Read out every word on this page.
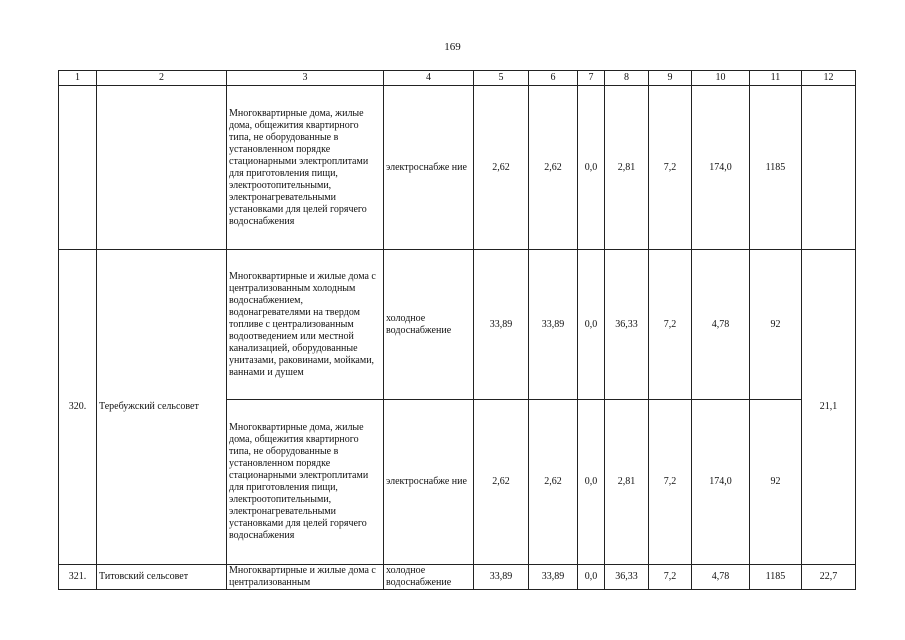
169
1	2	3	4	5	6	7	8	9	10	11	12
		Многоквартирные дома, жилые дома, общежития квартирного типа, не оборудованные в установленном порядке стационарными электроплитами для приготовления пищи, электроотопительными, электронагревательными установками для целей горячего водоснабжения	электроснабже ние	2,62	2,62	0,0	2,81	7,2	174,0	1185	
320.	Теребужский сельсовет	Многоквартирные и жилые дома с централизованным холодным водоснабжением, водонагревателями на твердом топливе с централизованным водоотведением или местной канализацией, оборудованные унитазами, раковинами, мойками, ваннами и душем	холодное водоснабжение	33,89	33,89	0,0	36,33	7,2	4,78	92	21,1
		Многоквартирные дома, жилые дома, общежития квартирного типа, не оборудованные в установленном порядке стационарными электроплитами для приготовления пищи, электроотопительными, электронагревательными установками для целей горячего водоснабжения	электроснабже ние	2,62	2,62	0,0	2,81	7,2	174,0	92	
321.	Титовский сельсовет	Многоквартирные и жилые дома с централизованным	холодное водоснабжение	33,89	33,89	0,0	36,33	7,2	4,78	1185	22,7
